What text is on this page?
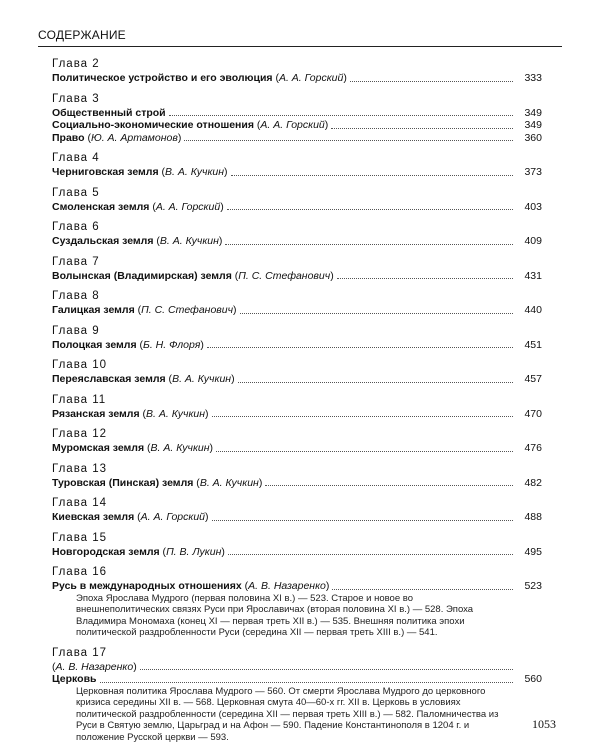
СОДЕРЖАНИЕ
Глава 2
Политическое устройство и его эволюция (А. А. Горский)	333
Глава 3
Общественный строй	349
Социально-экономические отношения (А. А. Горский)	349
Право (Ю. А. Артамонов)	360
Глава 4
Черниговская земля (В. А. Кучкин)	373
Глава 5
Смоленская земля (А. А. Горский)	403
Глава 6
Суздальская земля (В. А. Кучкин)	409
Глава 7
Волынская (Владимирская) земля (П. С. Стефанович)	431
Глава 8
Галицкая земля (П. С. Стефанович)	440
Глава 9
Полоцкая земля (Б. Н. Флоря)	451
Глава 10
Переяславская земля (В. А. Кучкин)	457
Глава 11
Рязанская земля (В. А. Кучкин)	470
Глава 12
Муромская земля (В. А. Кучкин)	476
Глава 13
Туровская (Пинская) земля (В. А. Кучкин)	482
Глава 14
Киевская земля (А. А. Горский)	488
Глава 15
Новгородская земля (П. В. Лукин)	495
Глава 16
Русь в международных отношениях (А. В. Назаренко)	523
Эпоха Ярослава Мудрого (первая половина XI в.) — 523. Старое и новое во внешнеполитических связях Руси при Ярославичах (вторая половина XI в.) — 528. Эпоха Владимира Мономаха (конец XI — первая треть XII в.) — 535. Внешняя политика эпохи политической раздробленности Руси (середина XII — первая треть XIII в.) — 541.
Глава 17
(А. В. Назаренко)
Церковь	560
Церковная политика Ярослава Мудрого — 560. От смерти Ярослава Мудрого до церковного кризиса середины XII в. — 568. Церковная смута 40—60-х гг. XII в. Церковь в условиях политической раздробленности (середина XII — первая треть XIII в.) — 582. Паломничества из Руси в Святую землю, Царьград и на Афон — 590. Падение Константинополя в 1204 г. и положение Русской церкви — 593.
1053
